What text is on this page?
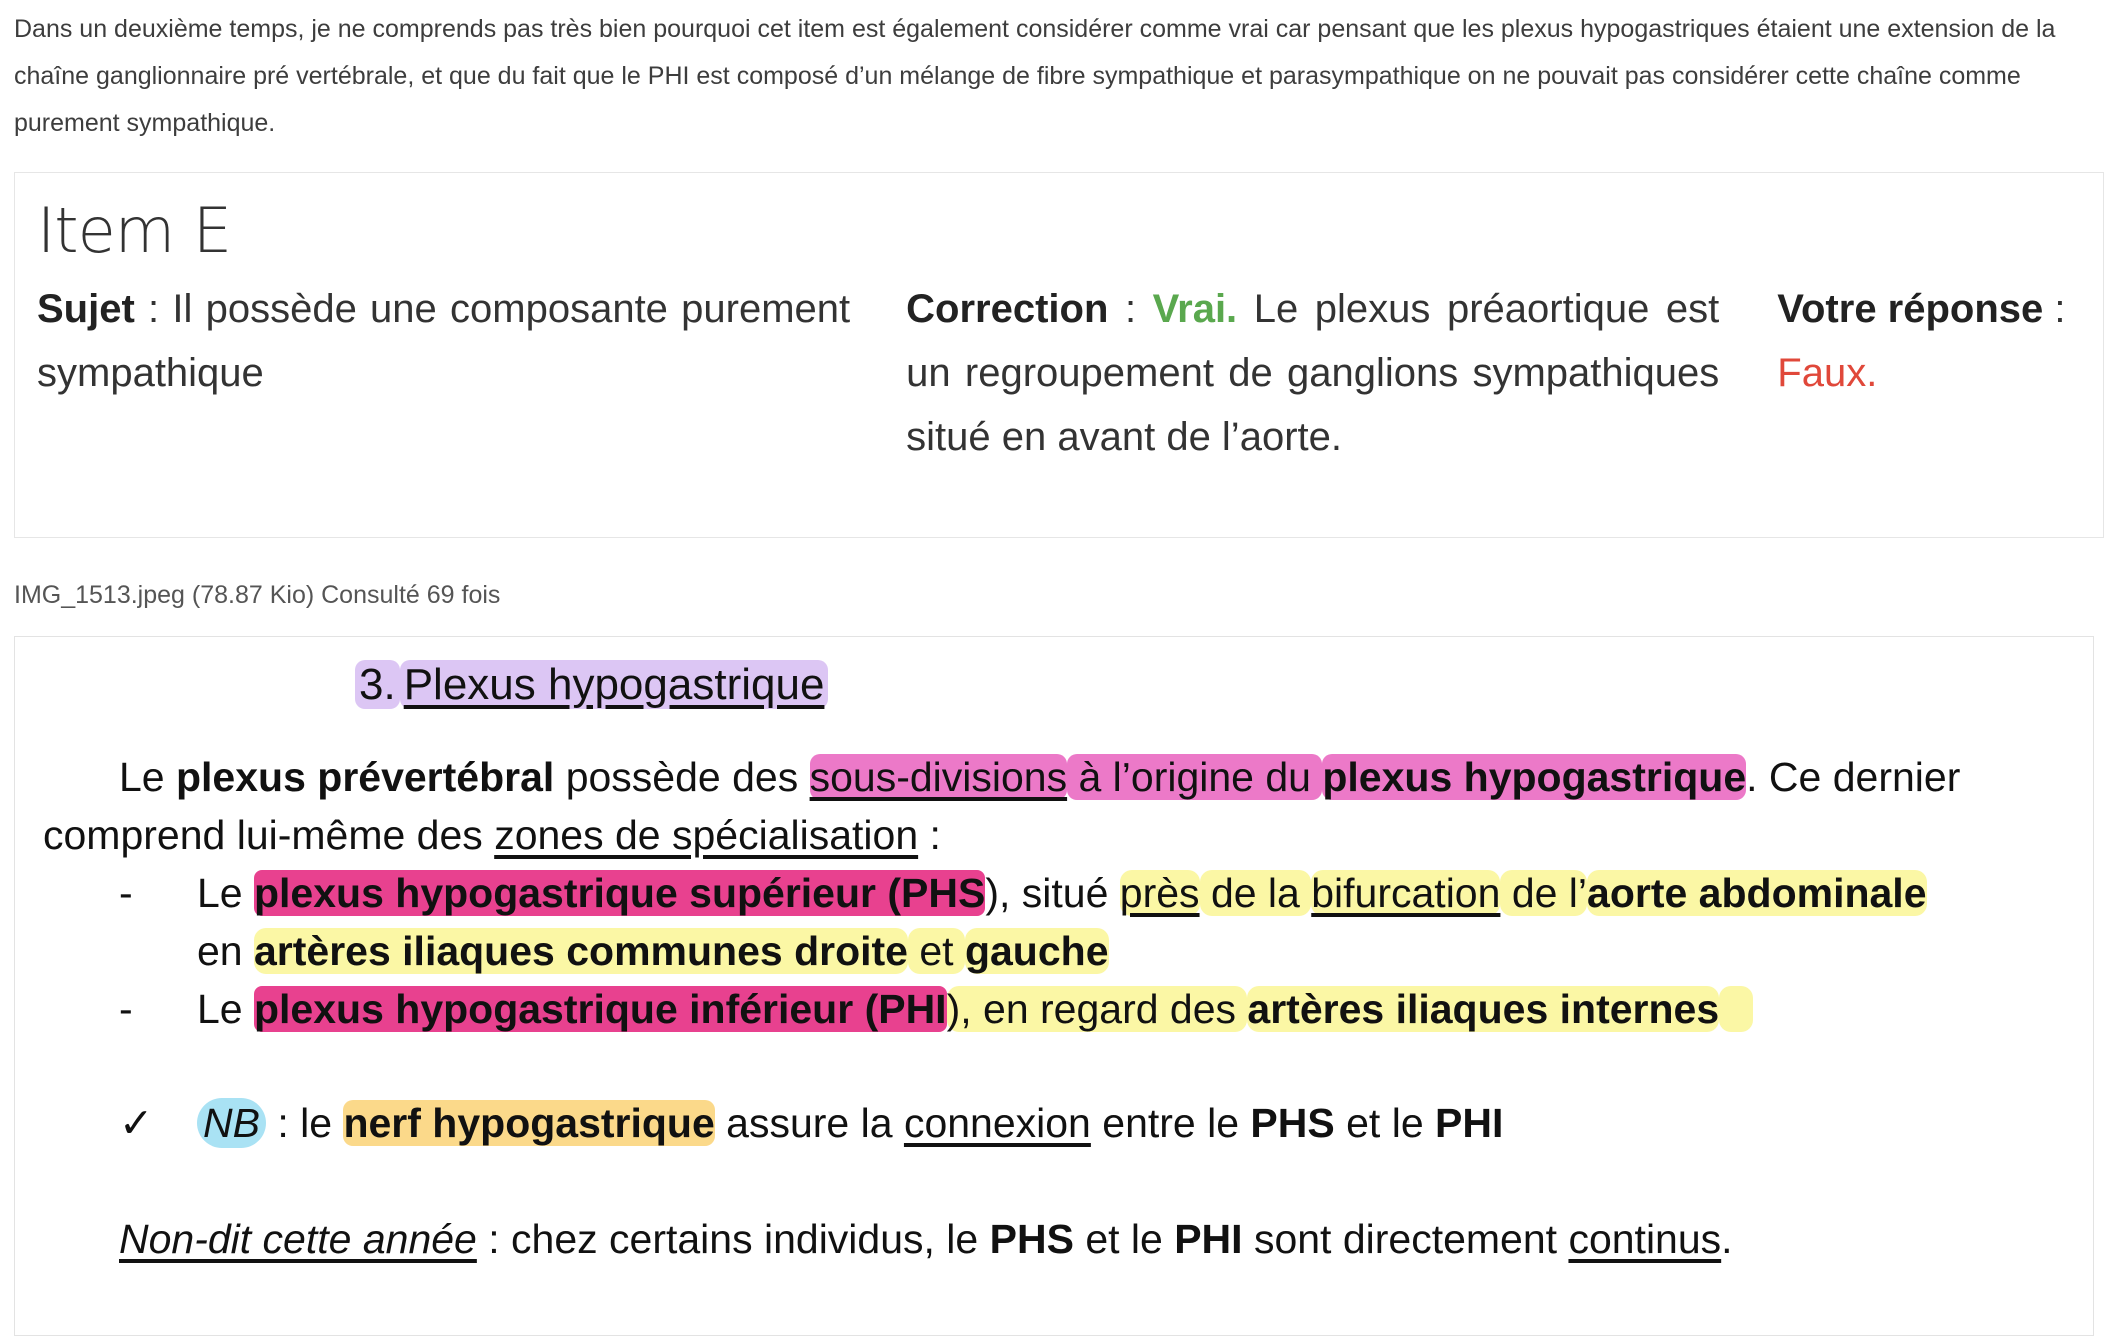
Dans un deuxième temps, je ne comprends pas très bien pourquoi cet item est également considérer comme vrai car pensant que les plexus hypogastriques étaient une extension de la chaîne ganglionnaire pré vertébrale, et que du fait que le PHI est composé d’un mélange de fibre sympathique et parasympathique on ne pouvait pas considérer cette chaîne comme purement sympathique.

Item E
Sujet : Il possède une composante purement sympathique
Correction : Vrai. Le plexus préaortique est un regroupement de ganglions sympathiques situé en avant de l’aorte.
Votre réponse :
Faux.
IMG_1513.jpeg (78.87 Kio) Consulté 69 fois
3. Plexus hypogastrique
Le plexus prévertébral possède des sous-divisions à l’origine du plexus hypogastrique. Ce dernier
comprend lui-même des zones de spécialisation :
- Le plexus hypogastrique supérieur (PHS), situé près de la bifurcation de l’aorte abdominale
en artères iliaques communes droite et gauche
- Le plexus hypogastrique inférieur (PHI), en regard des artères iliaques internes
✓ NB : le nerf hypogastrique assure la connexion entre le PHS et le PHI
Non-dit cette année : chez certains individus, le PHS et le PHI sont directement continus.
